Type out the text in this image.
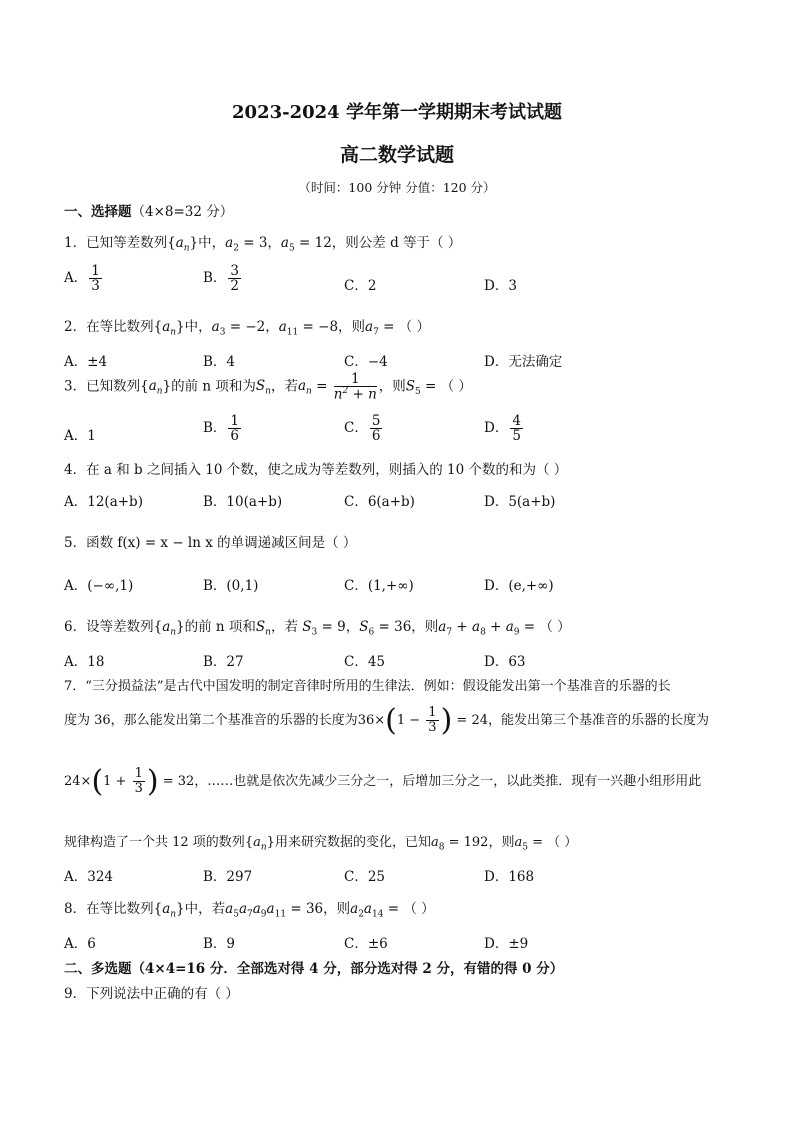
2023-2024 学年第一学期期末考试试题
高二数学试题
（时间：100 分钟 分值：120 分）
一、选择题（4×8=32 分）
1．已知等差数列$\{a_n\}$中，$a_2 = 3$，$a_5 = 12$，则公差 d 等于（ ）
A． $\frac{1}{3}$	B． $\frac{3}{2}$	C．2	D．3
2．在等比数列$\{a_n\}$中，$a_3 = -2$，$a_{11} = -8$，则$a_7$ = （ ）
A．±4	B．4	C．−4	D．无法确定
3．已知数列$\{a_n\}$的前 n 项和为$S_n$，若$a_n = \frac{1}{n^2 + n}$ ，则$S_5$ = （ ）
A．1	B． $\frac{1}{6}$	C． $\frac{5}{6}$	D． $\frac{4}{5}$
4．在 a 和 b 之间插入 10 个数，使之成为等差数列，则插入的 10 个数的和为（ ）
A．12(a+b)	B．10(a+b)	C．6(a+b)	D．5(a+b)
5．函数 f(x) = x − ln x 的单调递减区间是（ ）
A．(−∞,1)	B．(0,1)	C．(1,+∞)	D．(e,+∞)
6．设等差数列$\{a_n\}$的前 n 项和$S_n$，若 $S_3 = 9$，$S_6 = 36$，则$a_7 + a_8 + a_9$ = （ ）
A．18	B．27	C．45	D．63
7．“三分损益法”是古代中国发明的制定音律时所用的生律法．例如：假设能发出第一个基准音的乐器的长
度为 36，那么能发出第二个基准音的乐器的长度为$36\times(1 - \frac{1}{3}$ ) = 24，能发出第三个基准音的乐器的长度为
$24\times(1 + \frac{1}{3}$ ) = 32，……也就是依次先减少三分之一，后增加三分之一，以此类推．现有一兴趣小组形用此
规律构造了一个共 12 项的数列$\{a_n\}$用来研究数据的变化，已知$a_8 = 192$，则$a_5$ = （ ）
A．324	B．297	C．25	D．168
8．在等比数列$\{a_n\}$中，若$a_5a_7a_9a_{11} = 36$，则$a_2a_{14}$ = （ ）
A．6	B．9	C．±6	D．±9
二、多选题（4×4=16 分．全部选对得 4 分，部分选对得 2 分，有错的得 0 分）
9．下列说法中正确的有（ ）
